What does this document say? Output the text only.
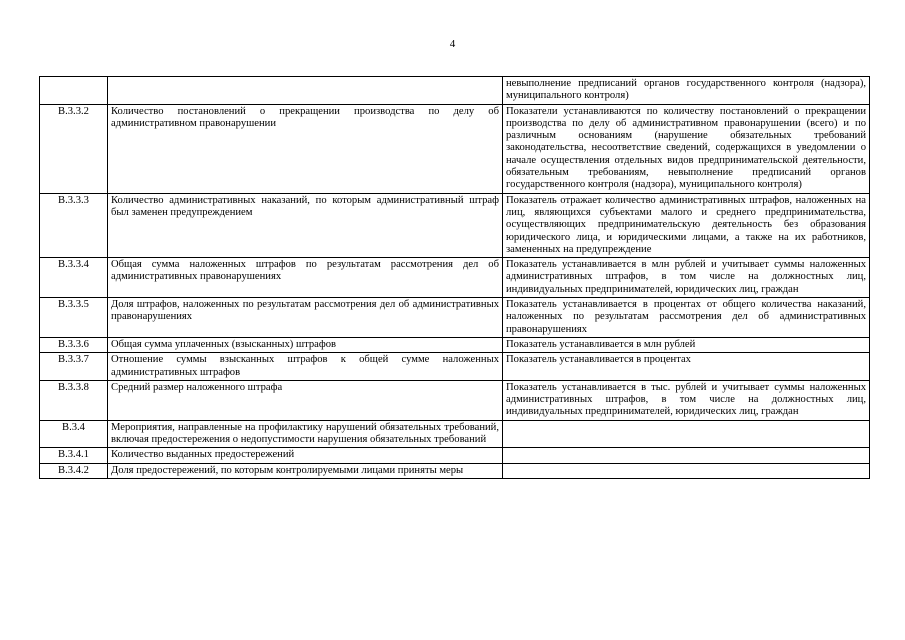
4
		невыполнение предписаний органов государственного контроля (надзора), муниципального контроля)
В.3.3.2	Количество постановлений о прекращении производства по делу об административном правонарушении	Показатели устанавливаются по количеству постановлений о прекращении производства по делу об административном правонарушении (всего) и по различным основаниям (нарушение обязательных требований законодательства, несоответствие сведений, содержащихся в уведомлении о начале осуществления отдельных видов предпринимательской деятельности, обязательным требованиям, невыполнение предписаний органов государственного контроля (надзора), муниципального контроля)
В.3.3.3	Количество административных наказаний, по которым административный штраф был заменен предупреждением	Показатель отражает количество административных штрафов, наложенных на лиц, являющихся субъектами малого и среднего предпринимательства, осуществляющих предпринимательскую деятельность без образования юридического лица, и юридическими лицами, а также на их работников, замененных на предупреждение
В.3.3.4	Общая сумма наложенных штрафов по результатам рассмотрения дел об административных правонарушениях	Показатель устанавливается в млн рублей и учитывает суммы наложенных административных штрафов, в том числе на должностных лиц, индивидуальных предпринимателей, юридических лиц, граждан
В.3.3.5	Доля штрафов, наложенных по результатам рассмотрения дел об административных правонарушениях	Показатель устанавливается в процентах от общего количества наказаний, наложенных по результатам рассмотрения дел об административных правонарушениях
В.3.3.6	Общая сумма уплаченных (взысканных) штрафов	Показатель устанавливается в млн рублей
В.3.3.7	Отношение суммы взысканных штрафов к общей сумме наложенных административных штрафов	Показатель устанавливается в процентах
В.3.3.8	Средний размер наложенного штрафа	Показатель устанавливается в тыс. рублей и учитывает суммы наложенных административных штрафов, в том числе на должностных лиц, индивидуальных предпринимателей, юридических лиц, граждан
В.3.4	Мероприятия, направленные на профилактику нарушений обязательных требований, включая предостережения о недопустимости нарушения обязательных требований	
В.3.4.1	Количество выданных предостережений	
В.3.4.2	Доля предостережений, по которым контролируемыми лицами приняты меры	
